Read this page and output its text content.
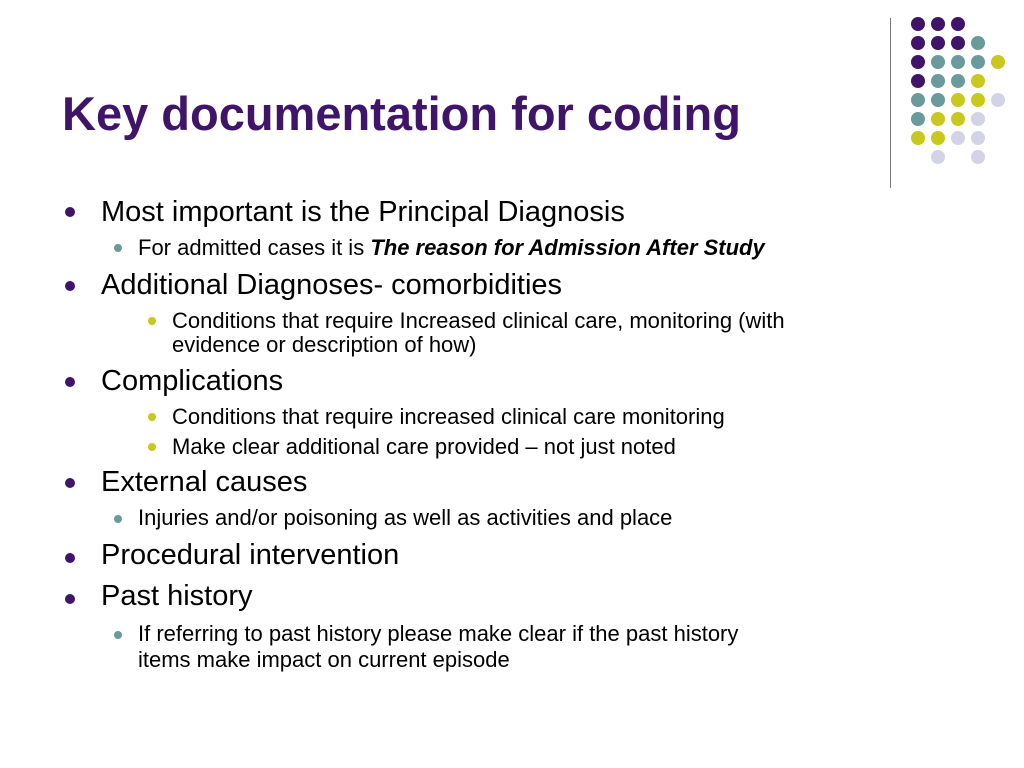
Key documentation for coding
Most important is the Principal Diagnosis
For admitted cases it is The reason for Admission After Study
Additional Diagnoses- comorbidities
Conditions that require Increased clinical care, monitoring (with
evidence or description of how)
Complications
Conditions that require increased clinical care monitoring
Make clear additional care provided – not just noted
External causes
Injuries and/or poisoning as well as activities and place
Procedural intervention
Past history
If referring to past history please make clear if the past history
items make impact on current episode
